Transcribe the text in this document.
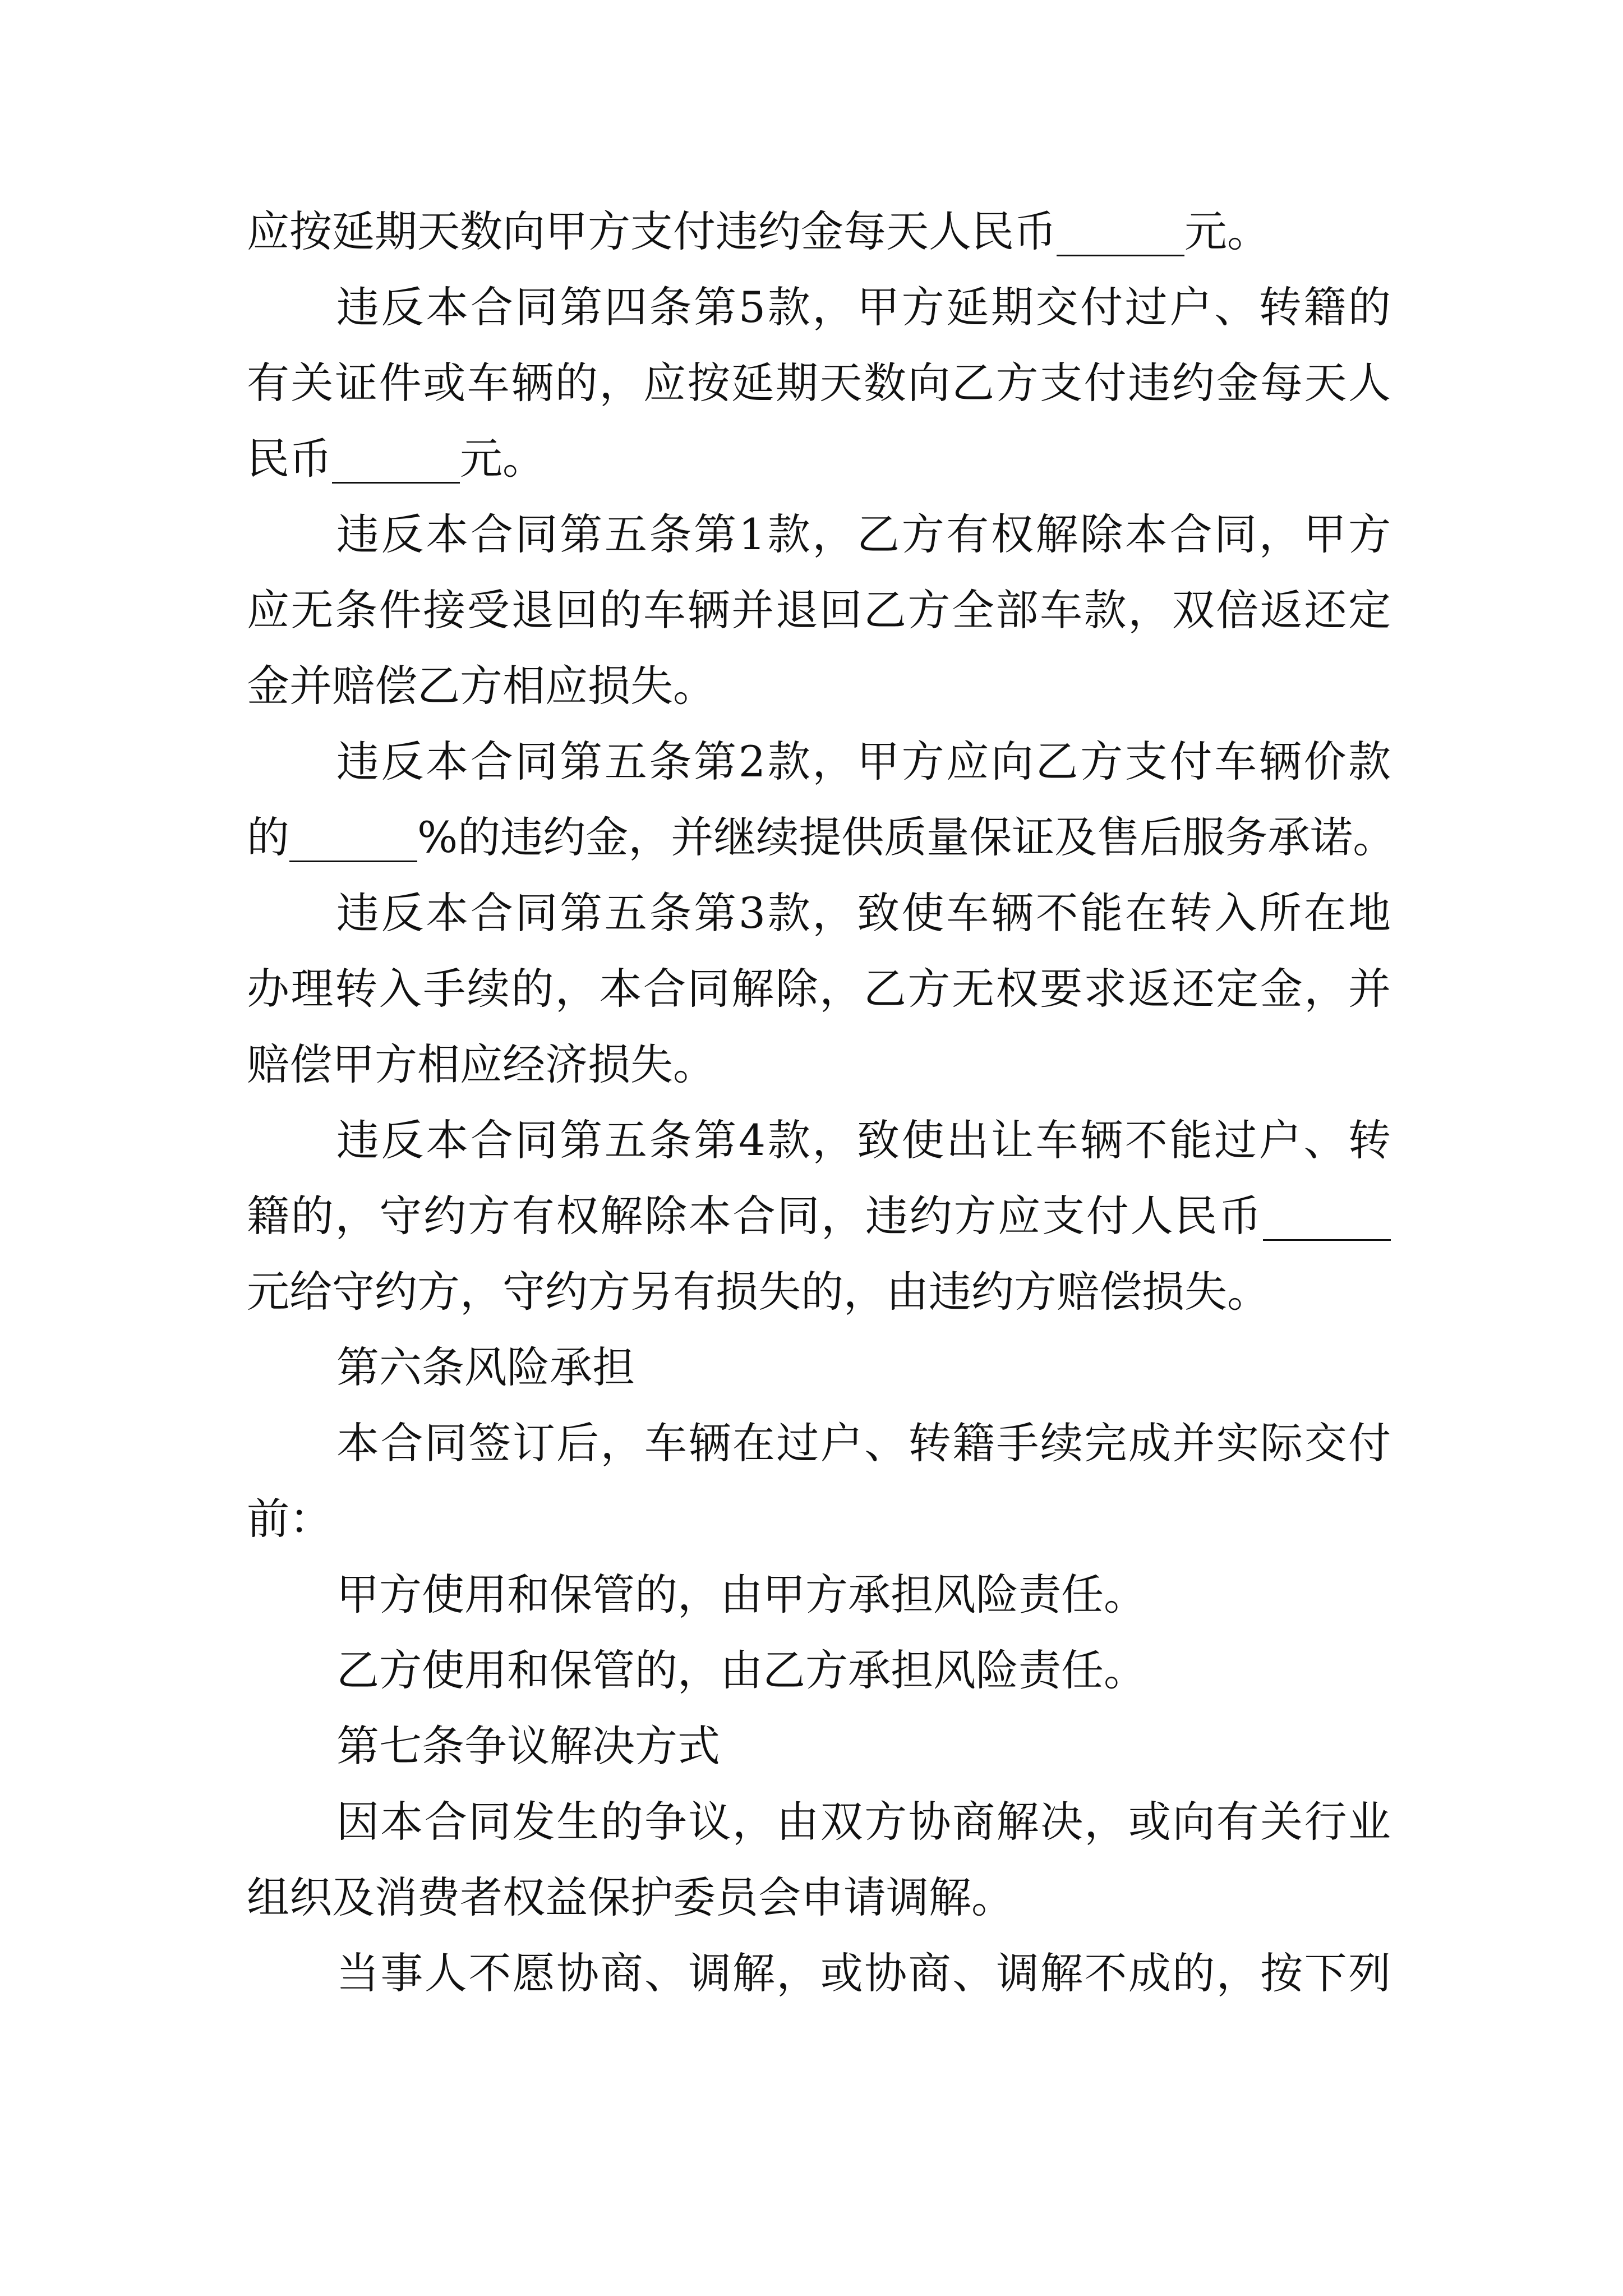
应按延期天数向甲方支付违约金每天人民币______元。
违反本合同第四条第5款，甲方延期交付过户、转籍的
有关证件或车辆的，应按延期天数向乙方支付违约金每天人
民币______元。
违反本合同第五条第1款，乙方有权解除本合同，甲方
应无条件接受退回的车辆并退回乙方全部车款，双倍返还定
金并赔偿乙方相应损失。
违反本合同第五条第2款，甲方应向乙方支付车辆价款
的______%的违约金，并继续提供质量保证及售后服务承诺。
违反本合同第五条第3款，致使车辆不能在转入所在地
办理转入手续的，本合同解除，乙方无权要求返还定金，并
赔偿甲方相应经济损失。
违反本合同第五条第4款，致使出让车辆不能过户、转
籍的，守约方有权解除本合同，违约方应支付人民币______
元给守约方，守约方另有损失的，由违约方赔偿损失。
第六条风险承担
本合同签订后，车辆在过户、转籍手续完成并实际交付
前：
甲方使用和保管的，由甲方承担风险责任。
乙方使用和保管的，由乙方承担风险责任。
第七条争议解决方式
因本合同发生的争议，由双方协商解决，或向有关行业
组织及消费者权益保护委员会申请调解。
当事人不愿协商、调解，或协商、调解不成的，按下列
